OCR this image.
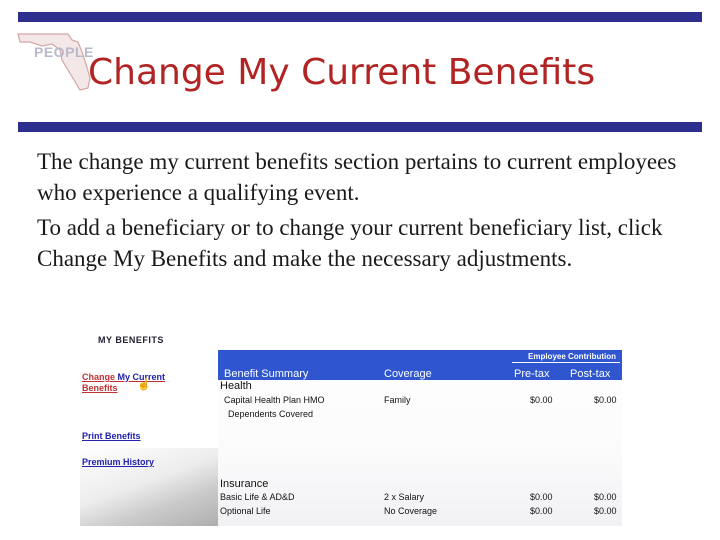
PEOPLE
Change My Current Benefits

The change my current benefits section pertains to current employees who experience a qualifying event.

To add a beneficiary or to change your current beneficiary list, click Change My Benefits and make the necessary adjustments.

MY BENEFITS
Change My Current
Benefits	☝
Print Benefits
Premium History
Employee Contribution
Benefit Summary	Coverage	Pre-tax Post-tax
Health
Capital Health Plan HMO	Family	$0.00	$0.00
Dependents Covered
Insurance
Basic Life & AD&D	2 x Salary	$0.00	$0.00
Optional Life	No Coverage	$0.00	$0.00
